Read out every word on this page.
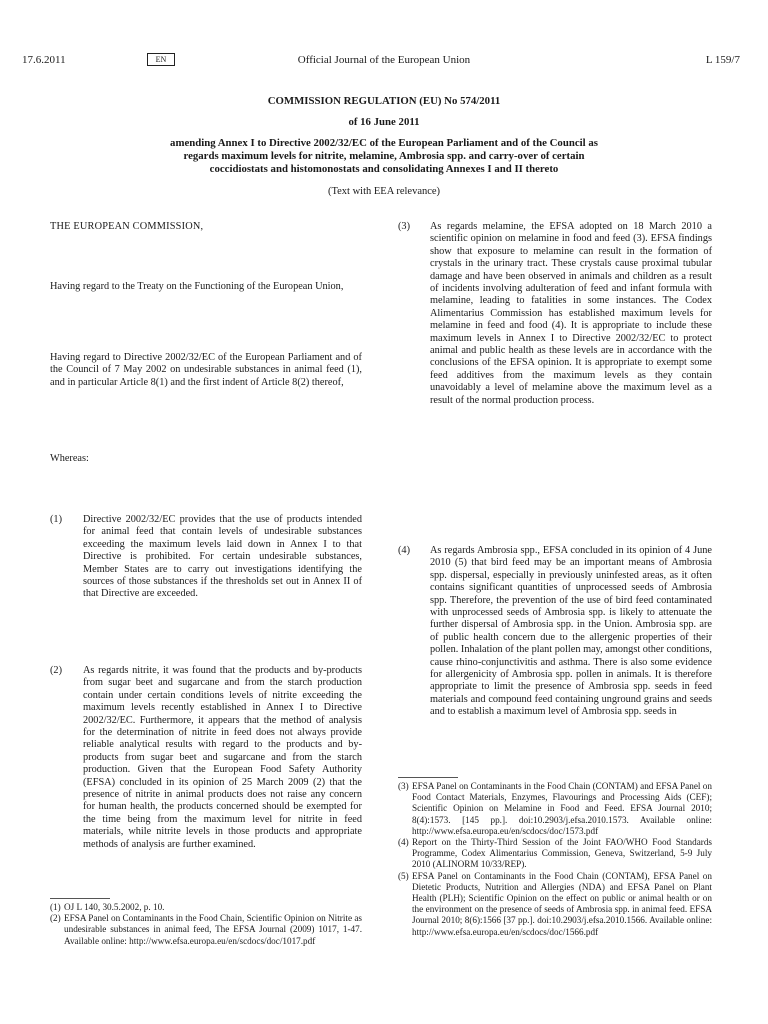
17.6.2011	EN	Official Journal of the European Union	L 159/7
COMMISSION REGULATION (EU) No 574/2011
of 16 June 2011
amending Annex I to Directive 2002/32/EC of the European Parliament and of the Council as
regards maximum levels for nitrite, melamine, Ambrosia spp. and carry-over of certain
coccidiostats and histomonostats and consolidating Annexes I and II thereto
(Text with EEA relevance)
THE EUROPEAN COMMISSION,
Having regard to the Treaty on the Functioning of the European Union,
Having regard to Directive 2002/32/EC of the European Parliament and of the Council of 7 May 2002 on undesirable substances in animal feed (1), and in particular Article 8(1) and the first indent of Article 8(2) thereof,
Whereas:
(1) Directive 2002/32/EC provides that the use of products intended for animal feed that contain levels of undesirable substances exceeding the maximum levels laid down in Annex I to that Directive is prohibited. For certain undesirable substances, Member States are to carry out investigations identifying the sources of those substances if the thresholds set out in Annex II of that Directive are exceeded.
(2) As regards nitrite, it was found that the products and by-products from sugar beet and sugarcane and from the starch production contain under certain conditions levels of nitrite exceeding the maximum levels recently established in Annex I to Directive 2002/32/EC. Furthermore, it appears that the method of analysis for the determination of nitrite in feed does not always provide reliable analytical results with regard to the products and by-products from sugar beet and sugarcane and from the starch production. Given that the European Food Safety Authority (EFSA) concluded in its opinion of 25 March 2009 (2) that the presence of nitrite in animal products does not raise any concern for human health, the products concerned should be exempted for the time being from the maximum level for nitrite in feed materials, while nitrite levels in those products and appropriate methods of analysis are further examined.
(1) OJ L 140, 30.5.2002, p. 10.
(2) EFSA Panel on Contaminants in the Food Chain, Scientific Opinion on Nitrite as undesirable substances in animal feed, The EFSA Journal (2009) 1017, 1-47. Available online: http://www.efsa.europa.eu/en/scdocs/doc/1017.pdf
(3) As regards melamine, the EFSA adopted on 18 March 2010 a scientific opinion on melamine in food and feed (3). EFSA findings show that exposure to melamine can result in the formation of crystals in the urinary tract. These crystals cause proximal tubular damage and have been observed in animals and children as a result of incidents involving adulteration of feed and infant formula with melamine, leading to fatalities in some instances. The Codex Alimentarius Commission has established maximum levels for melamine in feed and food (4). It is appropriate to include these maximum levels in Annex I to Directive 2002/32/EC to protect animal and public health as these levels are in accordance with the conclusions of the EFSA opinion. It is appropriate to exempt some feed additives from the maximum levels as they contain unavoidably a level of melamine above the maximum level as a result of the normal production process.
(4) As regards Ambrosia spp., EFSA concluded in its opinion of 4 June 2010 (5) that bird feed may be an important means of Ambrosia spp. dispersal, especially in previously uninfested areas, as it often contains significant quantities of unprocessed seeds of Ambrosia spp. Therefore, the prevention of the use of bird feed contaminated with unprocessed seeds of Ambrosia spp. is likely to attenuate the further dispersal of Ambrosia spp. in the Union. Ambrosia spp. are of public health concern due to the allergenic properties of their pollen. Inhalation of the plant pollen may, amongst other conditions, cause rhino-conjunctivitis and asthma. There is also some evidence for allergenicity of Ambrosia spp. pollen in animals. It is therefore appropriate to limit the presence of Ambrosia spp. seeds in feed materials and compound feed containing unground grains and seeds and to establish a maximum level of Ambrosia spp. seeds in
(3) EFSA Panel on Contaminants in the Food Chain (CONTAM) and EFSA Panel on Food Contact Materials, Enzymes, Flavourings and Processing Aids (CEF); Scientific Opinion on Melamine in Food and Feed. EFSA Journal 2010; 8(4):1573. [145 pp.]. doi:10.2903/j.efsa.2010.1573. Available online: http://www.efsa.europa.eu/en/scdocs/doc/1573.pdf
(4) Report on the Thirty-Third Session of the Joint FAO/WHO Food Standards Programme, Codex Alimentarius Commission, Geneva, Switzerland, 5-9 July 2010 (ALINORM 10/33/REP).
(5) EFSA Panel on Contaminants in the Food Chain (CONTAM), EFSA Panel on Dietetic Products, Nutrition and Allergies (NDA) and EFSA Panel on Plant Health (PLH); Scientific Opinion on the effect on public or animal health or on the environment on the presence of seeds of Ambrosia spp. in animal feed. EFSA Journal 2010; 8(6):1566 [37 pp.]. doi:10.2903/j.efsa.2010.1566. Available online: http://www.efsa.europa.eu/en/scdocs/doc/1566.pdf
